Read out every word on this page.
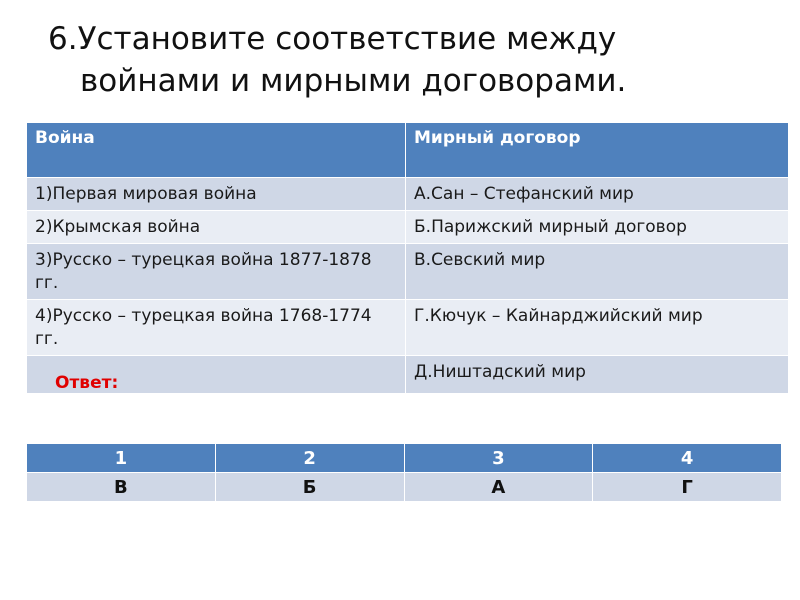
6.Установите соответствие между
войнами и мирными договорами.
Война	Мирный договор
1)Первая мировая война	А.Сан – Стефанский мир
2)Крымская война	Б.Парижский мирный договор
3)Русско – турецкая война 1877-1878 гг.	В.Севский мир
4)Русско – турецкая война 1768-1774 гг.	Г.Кючук – Кайнарджийский мир

Ответ:	Д.Ништадский мир
1	2	3	4
В	Б	А	Г
